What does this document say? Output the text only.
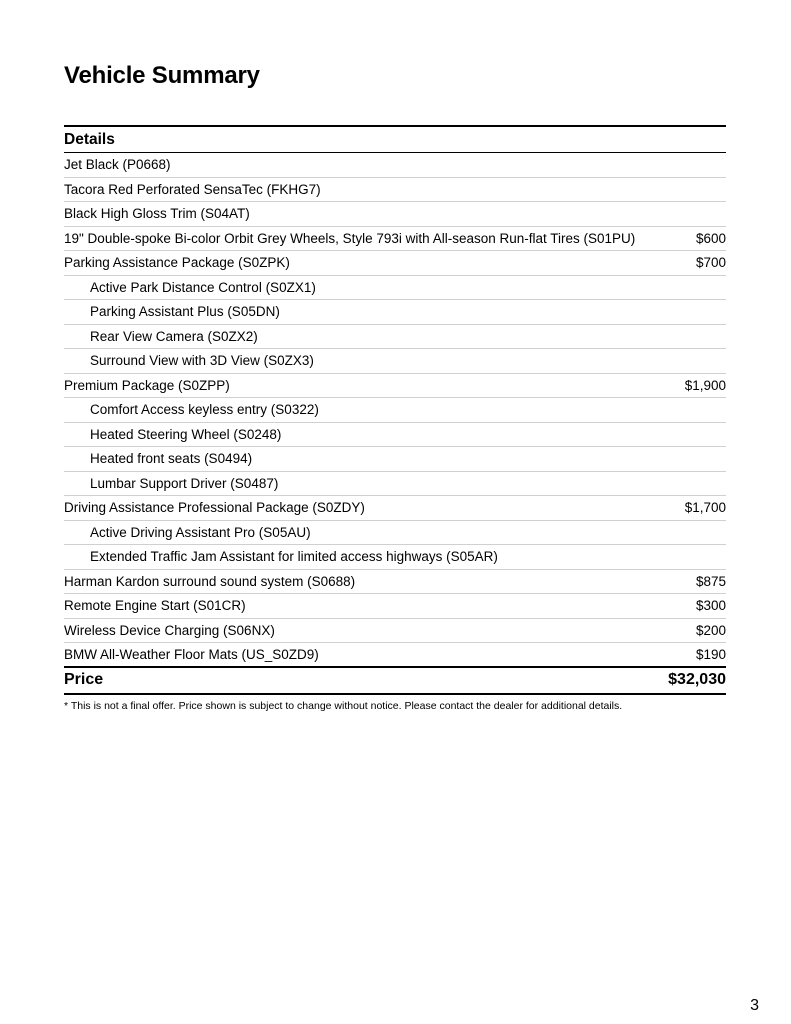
Vehicle Summary
Details
Jet Black (P0668)
Tacora Red Perforated SensaTec (FKHG7)
Black High Gloss Trim (S04AT)
19" Double-spoke Bi-color Orbit Grey Wheels, Style 793i with All-season Run-flat Tires (S01PU)	$600
Parking Assistance Package (S0ZPK)	$700
Active Park Distance Control (S0ZX1)
Parking Assistant Plus (S05DN)
Rear View Camera (S0ZX2)
Surround View with 3D View (S0ZX3)
Premium Package (S0ZPP)	$1,900
Comfort Access keyless entry (S0322)
Heated Steering Wheel (S0248)
Heated front seats (S0494)
Lumbar Support Driver (S0487)
Driving Assistance Professional Package (S0ZDY)	$1,700
Active Driving Assistant Pro (S05AU)
Extended Traffic Jam Assistant for limited access highways (S05AR)
Harman Kardon surround sound system (S0688)	$875
Remote Engine Start (S01CR)	$300
Wireless Device Charging (S06NX)	$200
BMW All-Weather Floor Mats (US_S0ZD9)	$190
Price	$32,030
* This is not a final offer. Price shown is subject to change without notice. Please contact the dealer for additional details.
3
